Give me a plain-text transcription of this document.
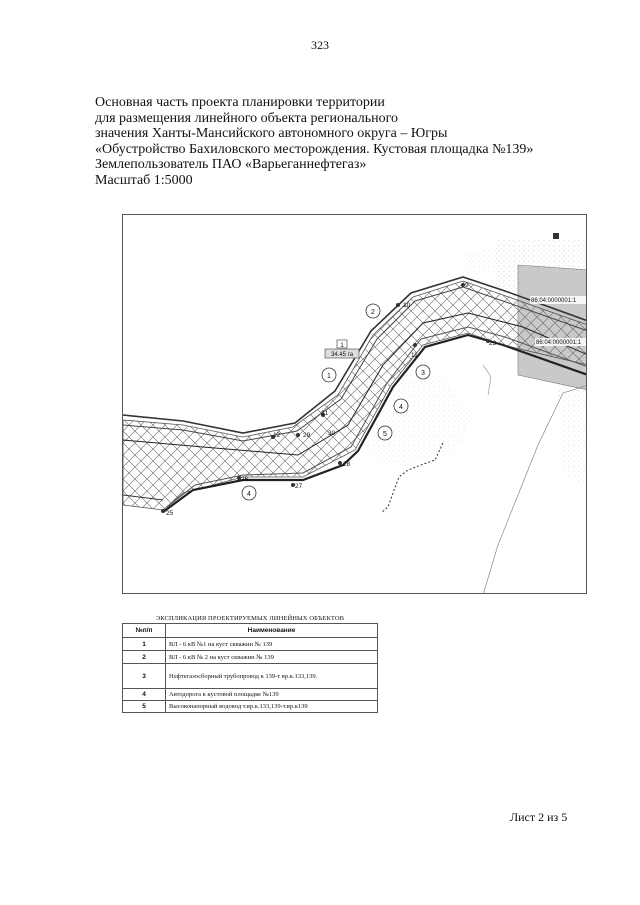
323
Основная часть проекта планировки территории
для размещения линейного объекта регионального
значения Ханты-Мансийского автономного округа – Югры
«Обустройство Бахиловского месторождения. Кустовая площадка №139»
Землепользователь ПАО «Варьеганнефтегаз»
Масштаб 1:5000
25
26
27
28
29
31
12
10
11
9
23
30
1
2
3
4
5
4
1
34.45 га
86:04:0000001:1
86:04:0000001:1
ЭКСПЛИКАЦИЯ ПРОЕКТИРУЕМЫХ ЛИНЕЙНЫХ ОБЪЕКТОВ
№п/п	Наименование
1	ВЛ - 6 кВ №1 на куст скважин № 139
2	ВЛ - 6 кВ № 2 на куст скважин № 139
3	Нефтегазосборный трубопровод к 139-т вр.к.133,139.
4	Автодорога к кустовой площадке №139
5	Высоконапорный водовод т.вр.к.133,139-т.вр.к139
Лист 2 из 5
